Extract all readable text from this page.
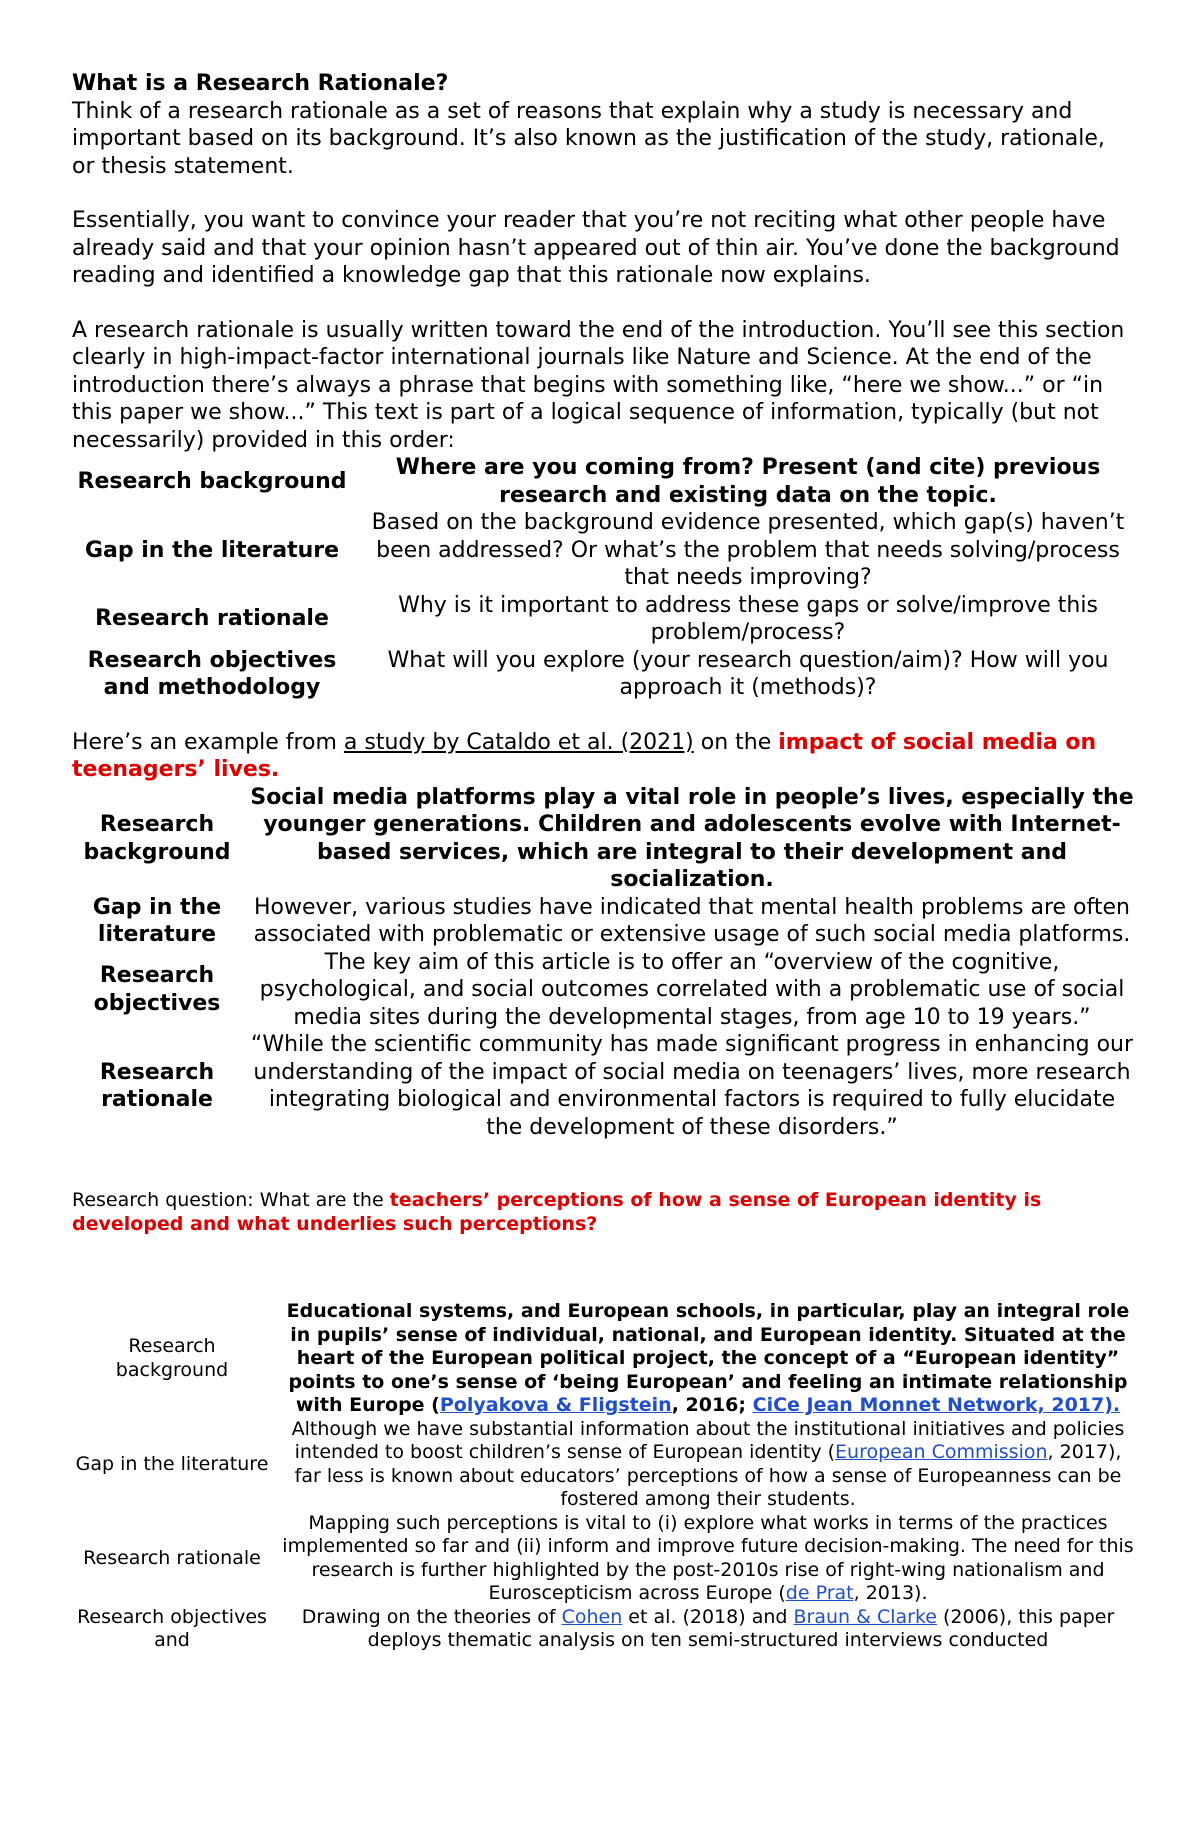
What is a Research Rationale?

Think of a research rationale as a set of reasons that explain why a study is necessary and important based on its background. It’s also known as the justification of the study, rationale, or thesis statement.

Essentially, you want to convince your reader that you’re not reciting what other people have already said and that your opinion hasn’t appeared out of thin air. You’ve done the background reading and identified a knowledge gap that this rationale now explains.

A research rationale is usually written toward the end of the introduction. You’ll see this section clearly in high-impact-factor international journals like Nature and Science. At the end of the introduction there’s always a phrase that begins with something like, “here we show...” or “in this paper we show...” This text is part of a logical sequence of information, typically (but not necessarily) provided in this order:

Research background	Where are you coming from? Present (and cite) previous research and existing data on the topic.
Gap in the literature	Based on the background evidence presented, which gap(s) haven’t been addressed? Or what’s the problem that needs solving/process that needs improving?
Research rationale	Why is it important to address these gaps or solve/improve this problem/process?
Research objectives and methodology	What will you explore (your research question/aim)? How will you approach it (methods)?
Here’s an example from a study by Cataldo et al. (2021) on the impact of social media on teenagers’ lives.
Research background	Social media platforms play a vital role in people’s lives, especially the younger generations. Children and adolescents evolve with Internet-based services, which are integral to their development and socialization.
Gap in the literature	However, various studies have indicated that mental health problems are often associated with problematic or extensive usage of such social media platforms.
Research objectives	The key aim of this article is to offer an “overview of the cognitive, psychological, and social outcomes correlated with a problematic use of social media sites during the developmental stages, from age 10 to 19 years.”
Research rationale	“While the scientific community has made significant progress in enhancing our understanding of the impact of social media on teenagers’ lives, more research integrating biological and environmental factors is required to fully elucidate the development of these disorders.”
Research question: What are the teachers’ perceptions of how a sense of European identity is developed and what underlies such perceptions?
Research background	Educational systems, and European schools, in particular, play an integral role in pupils’ sense of individual, national, and European identity. Situated at the heart of the European political project, the concept of a “European identity” points to one’s sense of ‘being European’ and feeling an intimate relationship with Europe (Polyakova & Fligstein, 2016; CiCe Jean Monnet Network, 2017).
Gap in the literature	Although we have substantial information about the institutional initiatives and policies intended to boost children’s sense of European identity (European Commission, 2017), far less is known about educators’ perceptions of how a sense of Europeanness can be fostered among their students.
Research rationale	Mapping such perceptions is vital to (i) explore what works in terms of the practices implemented so far and (ii) inform and improve future decision-making. The need for this research is further highlighted by the post-2010s rise of right-wing nationalism and Euroscepticism across Europe (de Prat, 2013).
Research objectives and	Drawing on the theories of Cohen et al. (2018) and Braun & Clarke (2006), this paper deploys thematic analysis on ten semi-structured interviews conducted
